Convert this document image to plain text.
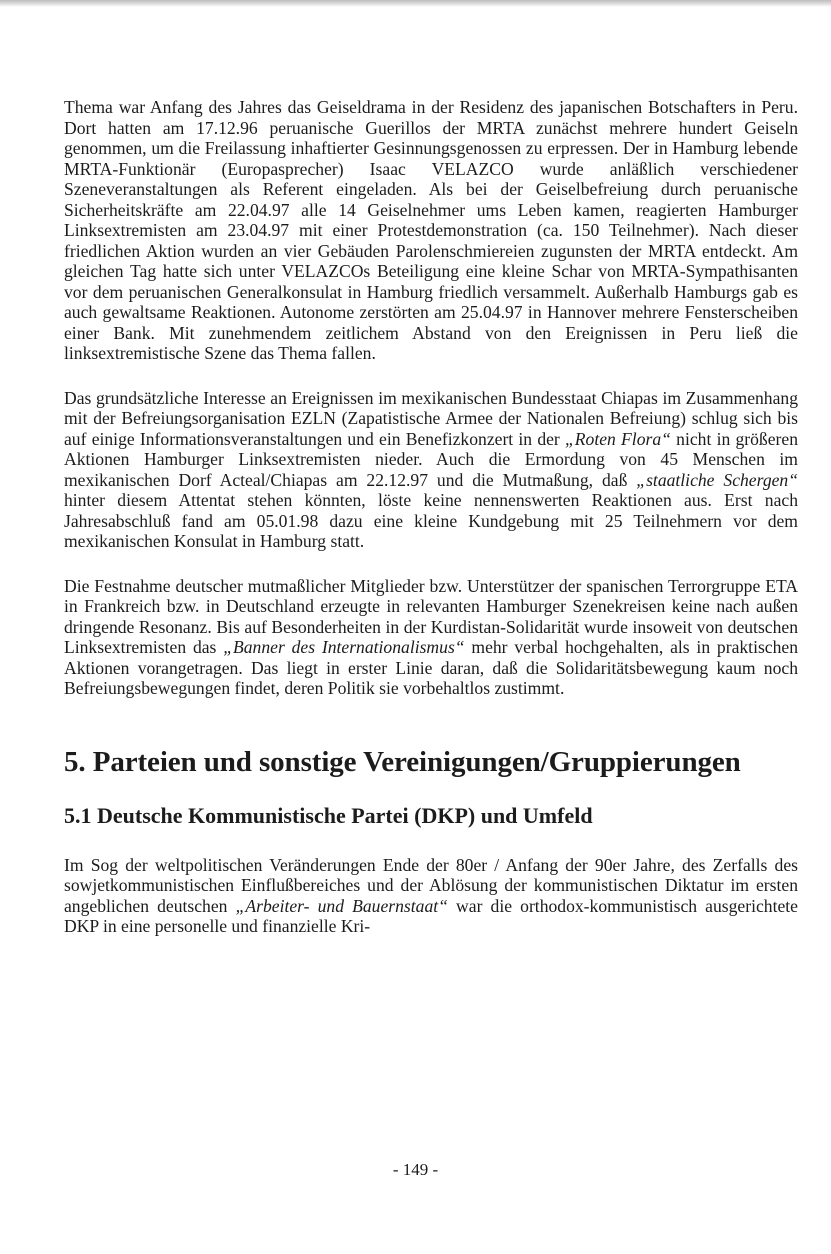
Thema war Anfang des Jahres das Geiseldrama in der Residenz des japanischen Botschafters in Peru. Dort hatten am 17.12.96 peruanische Guerillos der MRTA zunächst mehrere hundert Geiseln genommen, um die Freilassung inhaftierter Gesinnungsgenossen zu erpressen. Der in Hamburg lebende MRTA-Funktionär (Europasprecher) Isaac VELAZCO wurde anläßlich verschiedener Szeneveranstaltungen als Referent eingeladen. Als bei der Geiselbefreiung durch peruanische Sicherheitskräfte am 22.04.97 alle 14 Geiselnehmer ums Leben kamen, reagierten Hamburger Linksextremisten am 23.04.97 mit einer Protestdemonstration (ca. 150 Teilnehmer). Nach dieser friedlichen Aktion wurden an vier Gebäuden Parolenschmiereien zugunsten der MRTA entdeckt. Am gleichen Tag hatte sich unter VELAZCOs Beteiligung eine kleine Schar von MRTA-Sympathisanten vor dem peruanischen Generalkonsulat in Hamburg friedlich versammelt. Außerhalb Hamburgs gab es auch gewaltsame Reaktionen. Autonome zerstörten am 25.04.97 in Hannover mehrere Fensterscheiben einer Bank. Mit zunehmendem zeitlichem Abstand von den Ereignissen in Peru ließ die linksextremistische Szene das Thema fallen.

Das grundsätzliche Interesse an Ereignissen im mexikanischen Bundesstaat Chiapas im Zusammenhang mit der Befreiungsorganisation EZLN (Zapatistische Armee der Nationalen Befreiung) schlug sich bis auf einige Informationsveranstaltungen und ein Benefizkonzert in der „Roten Flora“ nicht in größeren Aktionen Hamburger Linksextremisten nieder. Auch die Ermordung von 45 Menschen im mexikanischen Dorf Acteal/Chiapas am 22.12.97 und die Mutmaßung, daß „staatliche Schergen“ hinter diesem Attentat stehen könnten, löste keine nennenswerten Reaktionen aus. Erst nach Jahresabschluß fand am 05.01.98 dazu eine kleine Kundgebung mit 25 Teilnehmern vor dem mexikanischen Konsulat in Hamburg statt.

Die Festnahme deutscher mutmaßlicher Mitglieder bzw. Unterstützer der spanischen Terrorgruppe ETA in Frankreich bzw. in Deutschland erzeugte in relevanten Hamburger Szenekreisen keine nach außen dringende Resonanz. Bis auf Besonderheiten in der Kurdistan-Solidarität wurde insoweit von deutschen Linksextremisten das „Banner des Internationalismus“ mehr verbal hochgehalten, als in praktischen Aktionen vorangetragen. Das liegt in erster Linie daran, daß die Solidaritätsbewegung kaum noch Befreiungsbewegungen findet, deren Politik sie vorbehaltlos zustimmt.

5. Parteien und sonstige Vereinigungen/Gruppierungen
5.1 Deutsche Kommunistische Partei (DKP) und Umfeld

Im Sog der weltpolitischen Veränderungen Ende der 80er / Anfang der 90er Jahre, des Zerfalls des sowjetkommunistischen Einflußbereiches und der Ablösung der kommunistischen Diktatur im ersten angeblichen deutschen „Arbeiter- und Bauernstaat“ war die orthodox-kommunistisch ausgerichtete DKP in eine personelle und finanzielle Kri-

- 149 -
